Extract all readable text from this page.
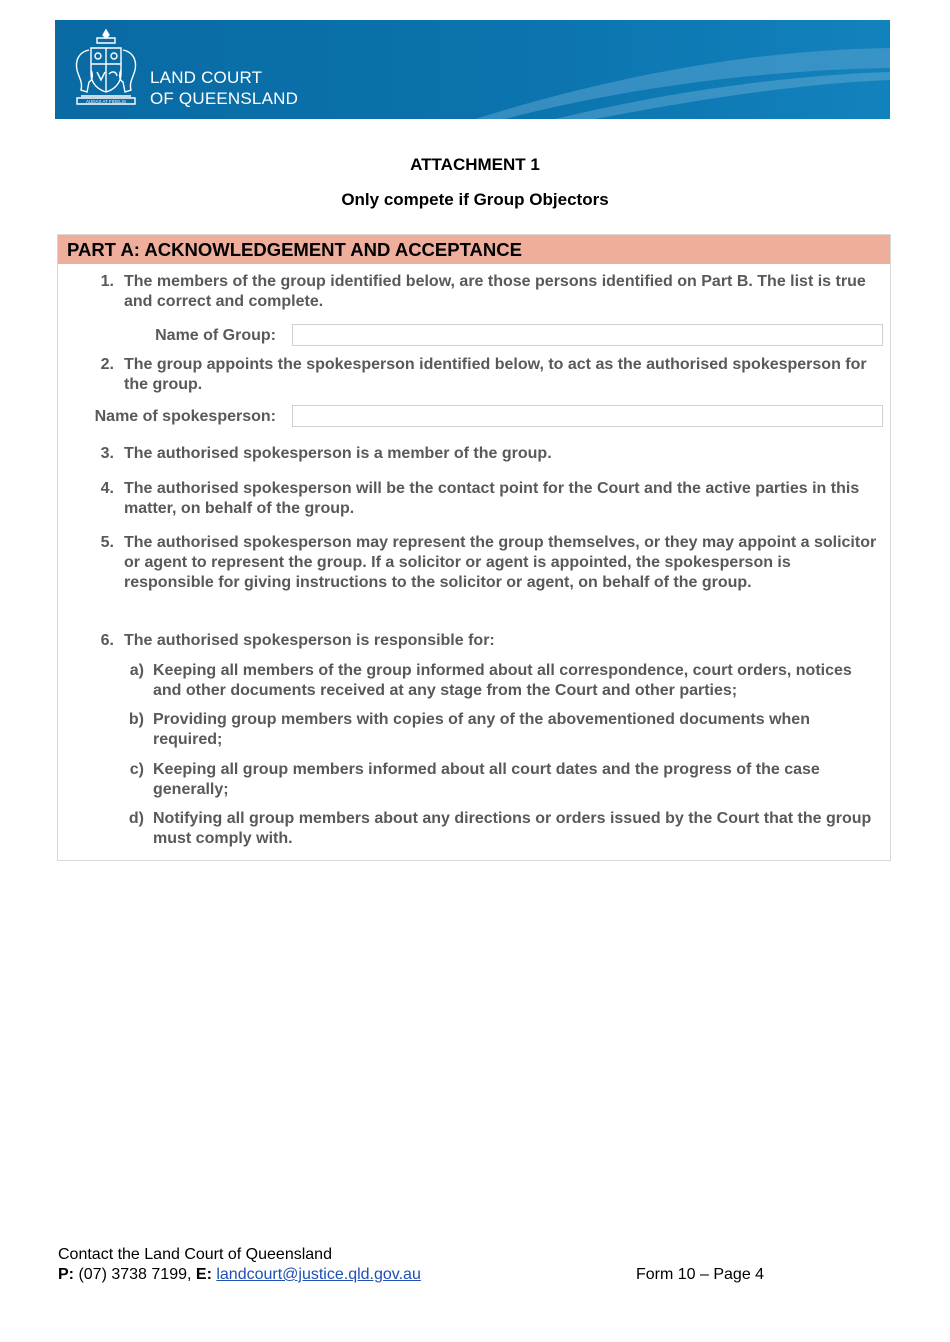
AUDAX AT FIDELIS
LAND COURT
OF QUEENSLAND
ATTACHMENT 1
Only compete if Group Objectors
PART A: ACKNOWLEDGEMENT AND ACCEPTANCE
1. The members of the group identified below, are those persons identified on Part B. The list is true and correct and complete.
Name of Group:
2. The group appoints the spokesperson identified below, to act as the authorised spokesperson for the group.
Name of spokesperson:
3. The authorised spokesperson is a member of the group.
4. The authorised spokesperson will be the contact point for the Court and the active parties in this matter, on behalf of the group.
5. The authorised spokesperson may represent the group themselves, or they may appoint a solicitor or agent to represent the group. If a solicitor or agent is appointed, the spokesperson is responsible for giving instructions to the solicitor or agent, on behalf of the group.
6. The authorised spokesperson is responsible for:
a) Keeping all members of the group informed about all correspondence, court orders, notices and other documents received at any stage from the Court and other parties;
b) Providing group members with copies of any of the abovementioned documents when required;
c) Keeping all group members informed about all court dates and the progress of the case generally;
d) Notifying all group members about any directions or orders issued by the Court that the group must comply with.
Contact the Land Court of Queensland
P: (07) 3738 7199, E: landcourt@justice.qld.gov.au	Form 10 – Page 4
